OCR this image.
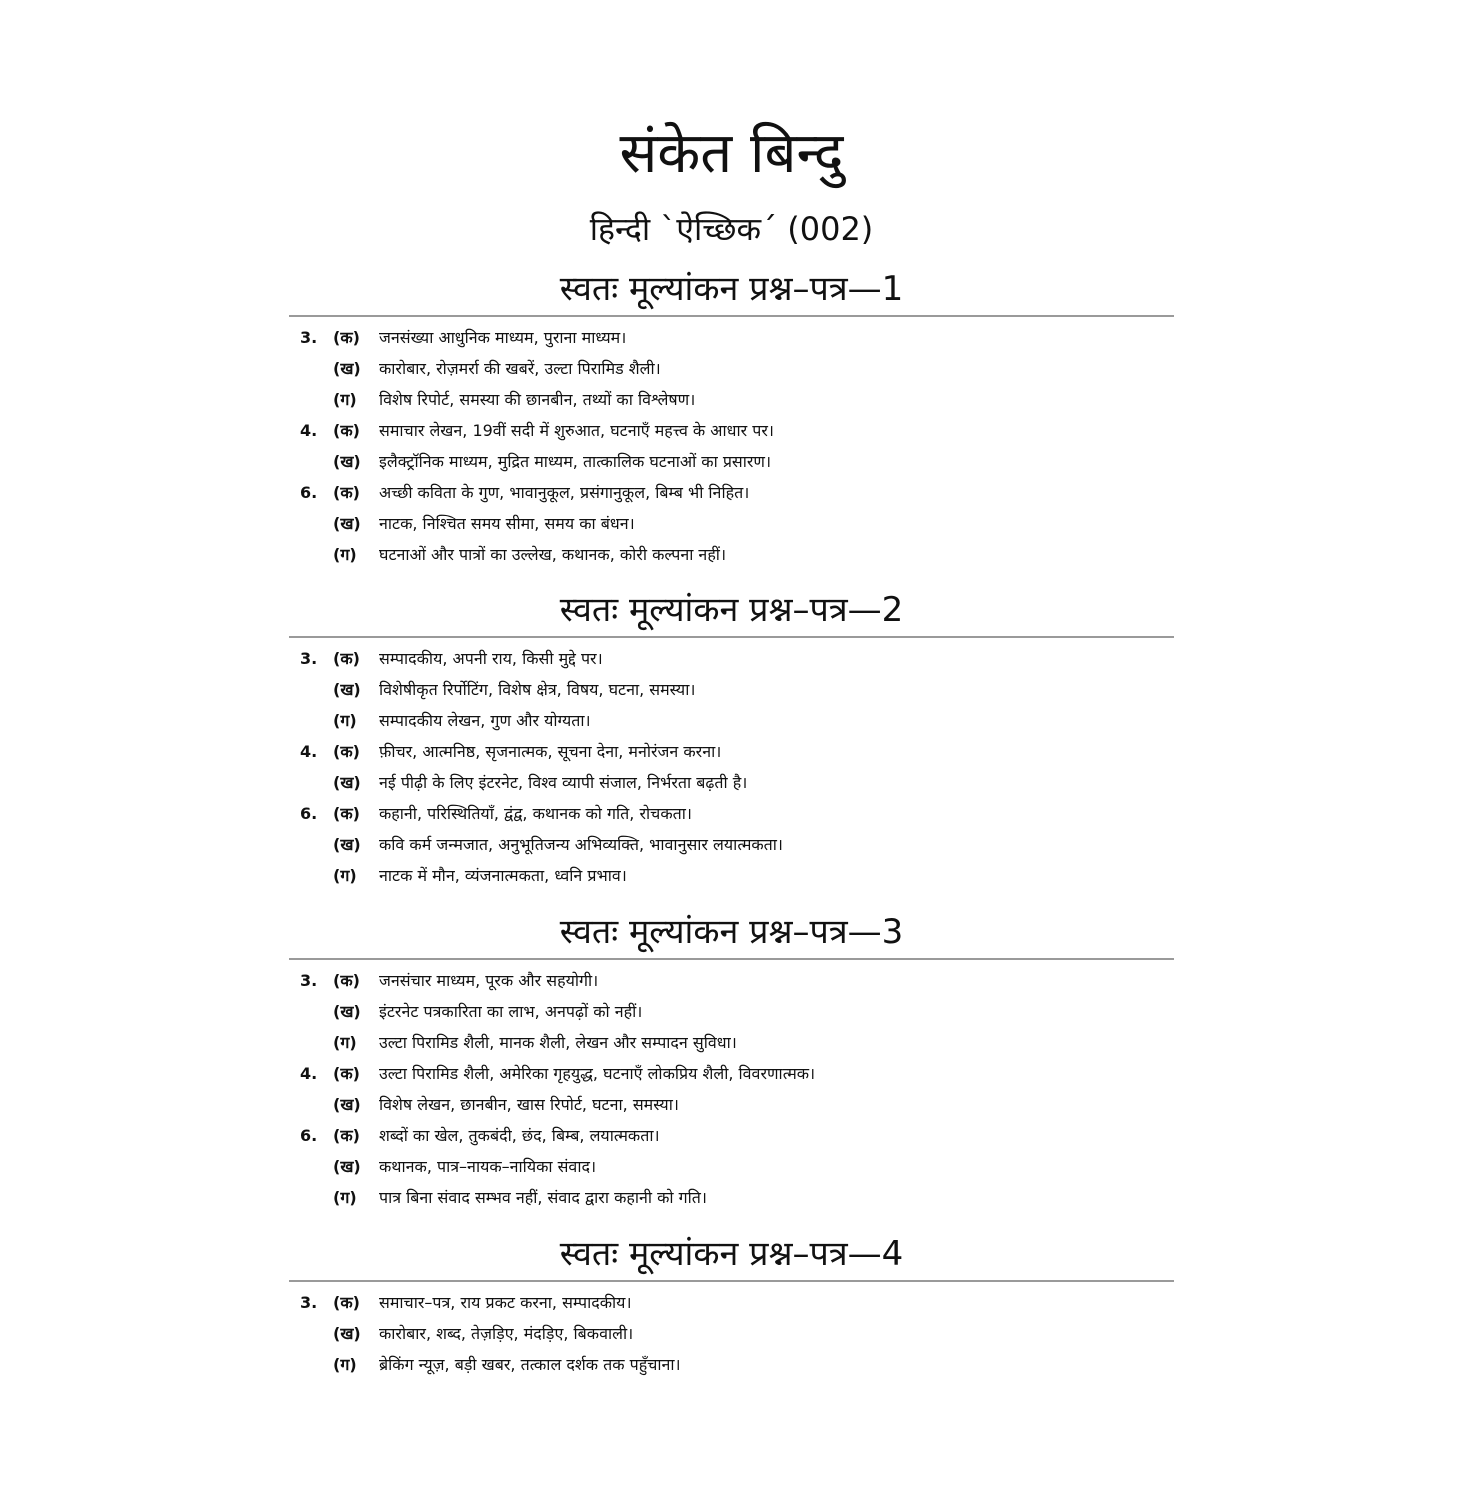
संकेत बिन्दु
हिन्दी `ऐच्छिक´ (002)
स्वतः मूल्यांकन प्रश्न–पत्र—1
3. (क) जनसंख्या आधुनिक माध्यम, पुराना माध्यम।
(ख) कारोबार, रोज़मर्रा की खबरें, उल्टा पिरामिड शैली।
(ग) विशेष रिपोर्ट, समस्या की छानबीन, तथ्यों का विश्लेषण।
4. (क) समाचार लेखन, 19वीं सदी में शुरुआत, घटनाएँ महत्त्व के आधार पर।
(ख) इलैक्ट्रॉनिक माध्यम, मुद्रित माध्यम, तात्कालिक घटनाओं का प्रसारण।
6. (क) अच्छी कविता के गुण, भावानुकूल, प्रसंगानुकूल, बिम्ब भी निहित।
(ख) नाटक, निश्चित समय सीमा, समय का बंधन।
(ग) घटनाओं और पात्रों का उल्लेख, कथानक, कोरी कल्पना नहीं।
स्वतः मूल्यांकन प्रश्न–पत्र—2
3. (क) सम्पादकीय, अपनी राय, किसी मुद्दे पर।
(ख) विशेषीकृत रिर्पोटिंग, विशेष क्षेत्र, विषय, घटना, समस्या।
(ग) सम्पादकीय लेखन, गुण और योग्यता।
4. (क) फ़ीचर, आत्मनिष्ठ, सृजनात्मक, सूचना देना, मनोरंजन करना।
(ख) नई पीढ़ी के लिए इंटरनेट, विश्व व्यापी संजाल, निर्भरता बढ़ती है।
6. (क) कहानी, परिस्थितियाँ, द्वंद्व, कथानक को गति, रोचकता।
(ख) कवि कर्म जन्मजात, अनुभूतिजन्य अभिव्यक्ति, भावानुसार लयात्मकता।
(ग) नाटक में मौन, व्यंजनात्मकता, ध्वनि प्रभाव।
स्वतः मूल्यांकन प्रश्न–पत्र—3
3. (क) जनसंचार माध्यम, पूरक और सहयोगी।
(ख) इंटरनेट पत्रकारिता का लाभ, अनपढ़ों को नहीं।
(ग) उल्टा पिरामिड शैली, मानक शैली, लेखन और सम्पादन सुविधा।
4. (क) उल्टा पिरामिड शैली, अमेरिका गृहयुद्ध, घटनाएँ लोकप्रिय शैली, विवरणात्मक।
(ख) विशेष लेखन, छानबीन, खास रिपोर्ट, घटना, समस्या।
6. (क) शब्दों का खेल, तुकबंदी, छंद, बिम्ब, लयात्मकता।
(ख) कथानक, पात्र–नायक–नायिका संवाद।
(ग) पात्र बिना संवाद सम्भव नहीं, संवाद द्वारा कहानी को गति।
स्वतः मूल्यांकन प्रश्न–पत्र—4
3. (क) समाचार–पत्र, राय प्रकट करना, सम्पादकीय।
(ख) कारोबार, शब्द, तेज़ड़िए, मंदड़िए, बिकवाली।
(ग) ब्रेकिंग न्यूज़, बड़ी खबर, तत्काल दर्शक तक पहुँचाना।
